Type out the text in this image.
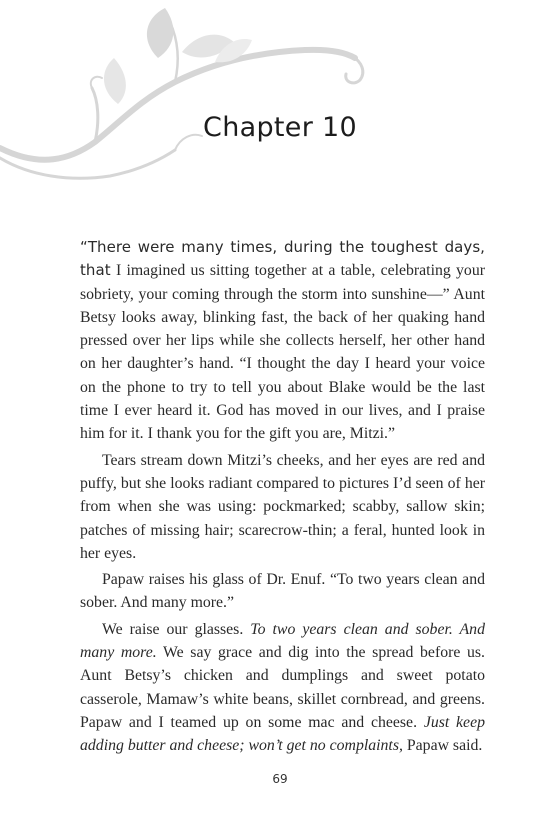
Chapter 10

“There were many times, during the toughest days, that I imagined us sitting together at a table, celebrating your sobriety, your coming through the storm into sunshine—” Aunt Betsy looks away, blinking fast, the back of her quaking hand pressed over her lips while she collects herself, her other hand on her daughter’s hand. “I thought the day I heard your voice on the phone to try to tell you about Blake would be the last time I ever heard it. God has moved in our lives, and I praise him for it. I thank you for the gift you are, Mitzi.”

Tears stream down Mitzi’s cheeks, and her eyes are red and puffy, but she looks radiant compared to pictures I’d seen of her from when she was using: pockmarked; scabby, sallow skin; patches of missing hair; scarecrow-thin; a feral, hunted look in her eyes.

Papaw raises his glass of Dr. Enuf. “To two years clean and sober. And many more.”

We raise our glasses. To two years clean and sober. And many more. We say grace and dig into the spread before us. Aunt Betsy’s chicken and dumplings and sweet potato casserole, Mamaw’s white beans, skillet cornbread, and greens. Papaw and I teamed up on some mac and cheese. Just keep adding butter and cheese; won’t get no complaints, Papaw said.

69
